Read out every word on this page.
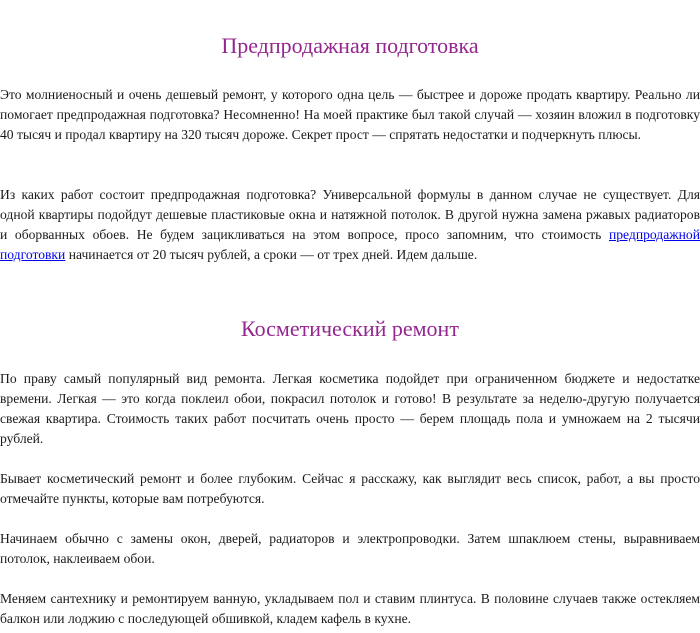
Предпродажная подготовка

Это молниеносный и очень дешевый ремонт, у которого одна цель — быстрее и дороже продать квартиру. Реально ли помогает предпродажная подготовка? Несомненно! На моей практике был такой случай — хозяин вложил в подготовку 40 тысяч и продал квартиру на 320 тысяч дороже. Секрет прост — спрятать недостатки и подчеркнуть плюсы.

Из каких работ состоит предпродажная подготовка? Универсальной формулы в данном случае не существует. Для одной квартиры подойдут дешевые пластиковые окна и натяжной потолок. В другой нужна замена ржавых радиаторов и оборванных обоев. Не будем зацикливаться на этом вопросе, просо запомним, что стоимость предпродажной подготовки начинается от 20 тысяч рублей, а сроки — от трех дней. Идем дальше.

Косметический ремонт

По праву самый популярный вид ремонта. Легкая косметика подойдет при ограниченном бюджете и недостатке времени. Легкая — это когда поклеил обои, покрасил потолок и готово! В результате за неделю-другую получается свежая квартира. Стоимость таких работ посчитать очень просто — берем площадь пола и умножаем на 2 тысячи рублей.

Бывает косметический ремонт и более глубоким. Сейчас я расскажу, как выглядит весь список, работ, а вы просто отмечайте пункты, которые вам потребуются.

Начинаем обычно с замены окон, дверей, радиаторов и электропроводки. Затем шпаклюем стены, выравниваем потолок, наклеиваем обои.

Меняем сантехнику и ремонтируем ванную, укладываем пол и ставим плинтуса. В половине случаев также остекляем балкон или лоджию с последующей обшивкой, кладем кафель в кухне.
